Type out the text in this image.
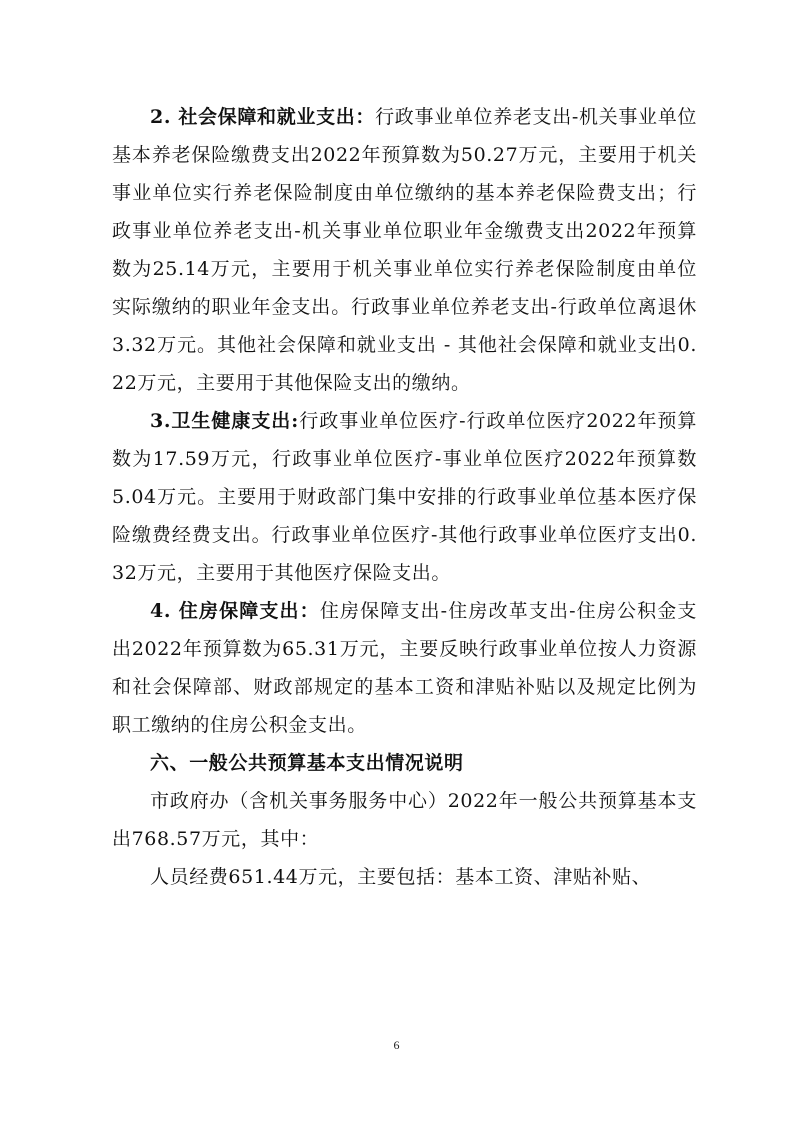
2. 社会保障和就业支出：行政事业单位养老支出-机关事业单位基本养老保险缴费支出2022年预算数为50.27万元，主要用于机关事业单位实行养老保险制度由单位缴纳的基本养老保险费支出；行政事业单位养老支出-机关事业单位职业年金缴费支出2022年预算数为25.14万元，主要用于机关事业单位实行养老保险制度由单位实际缴纳的职业年金支出。行政事业单位养老支出-行政单位离退休3.32万元。其他社会保障和就业支出 - 其他社会保障和就业支出0.22万元，主要用于其他保险支出的缴纳。

3.卫生健康支出:行政事业单位医疗-行政单位医疗2022年预算数为17.59万元，行政事业单位医疗-事业单位医疗2022年预算数5.04万元。主要用于财政部门集中安排的行政事业单位基本医疗保险缴费经费支出。行政事业单位医疗-其他行政事业单位医疗支出0.32万元，主要用于其他医疗保险支出。

4. 住房保障支出：住房保障支出-住房改革支出-住房公积金支出2022年预算数为65.31万元，主要反映行政事业单位按人力资源和社会保障部、财政部规定的基本工资和津贴补贴以及规定比例为职工缴纳的住房公积金支出。

六、一般公共预算基本支出情况说明

市政府办（含机关事务服务中心）2022年一般公共预算基本支出768.57万元，其中：

人员经费651.44万元，主要包括：基本工资、津贴补贴、

6
